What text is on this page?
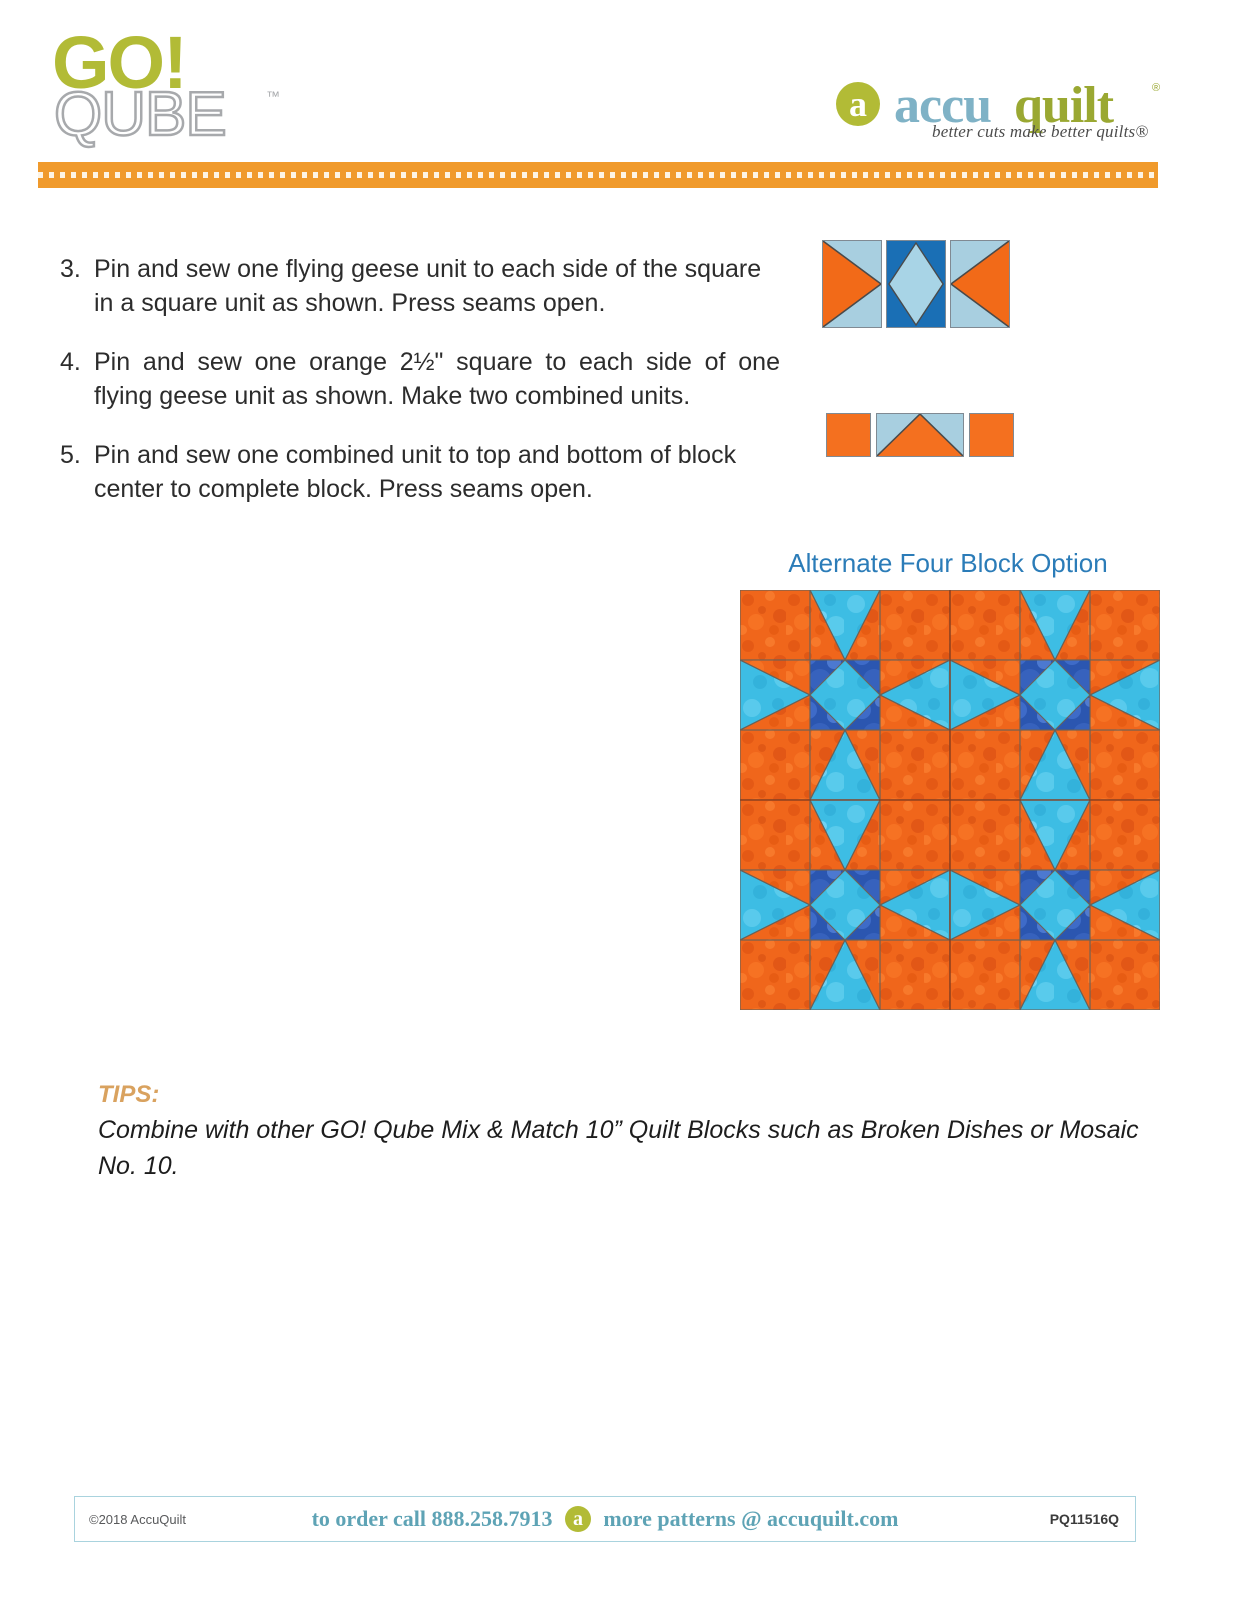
GO!
QUBE	™	a accu quilt	®
better cuts make better quilts®
3. Pin and sew one flying geese unit to each side of the square in a square unit as shown. Press seams open.
4. Pin and sew one orange 2½" square to each side of one flying geese unit as shown. Make two combined units.
5. Pin and sew one combined unit to top and bottom of block center to complete block. Press seams open.
Alternate Four Block Option
TIPS:
Combine with other GO! Qube Mix & Match 10” Quilt Blocks such as Broken Dishes or Mosaic No. 10.
©2018 AccuQuilt	to order call 888.258.7913 a more patterns @ accuquilt.com	PQ11516Q
